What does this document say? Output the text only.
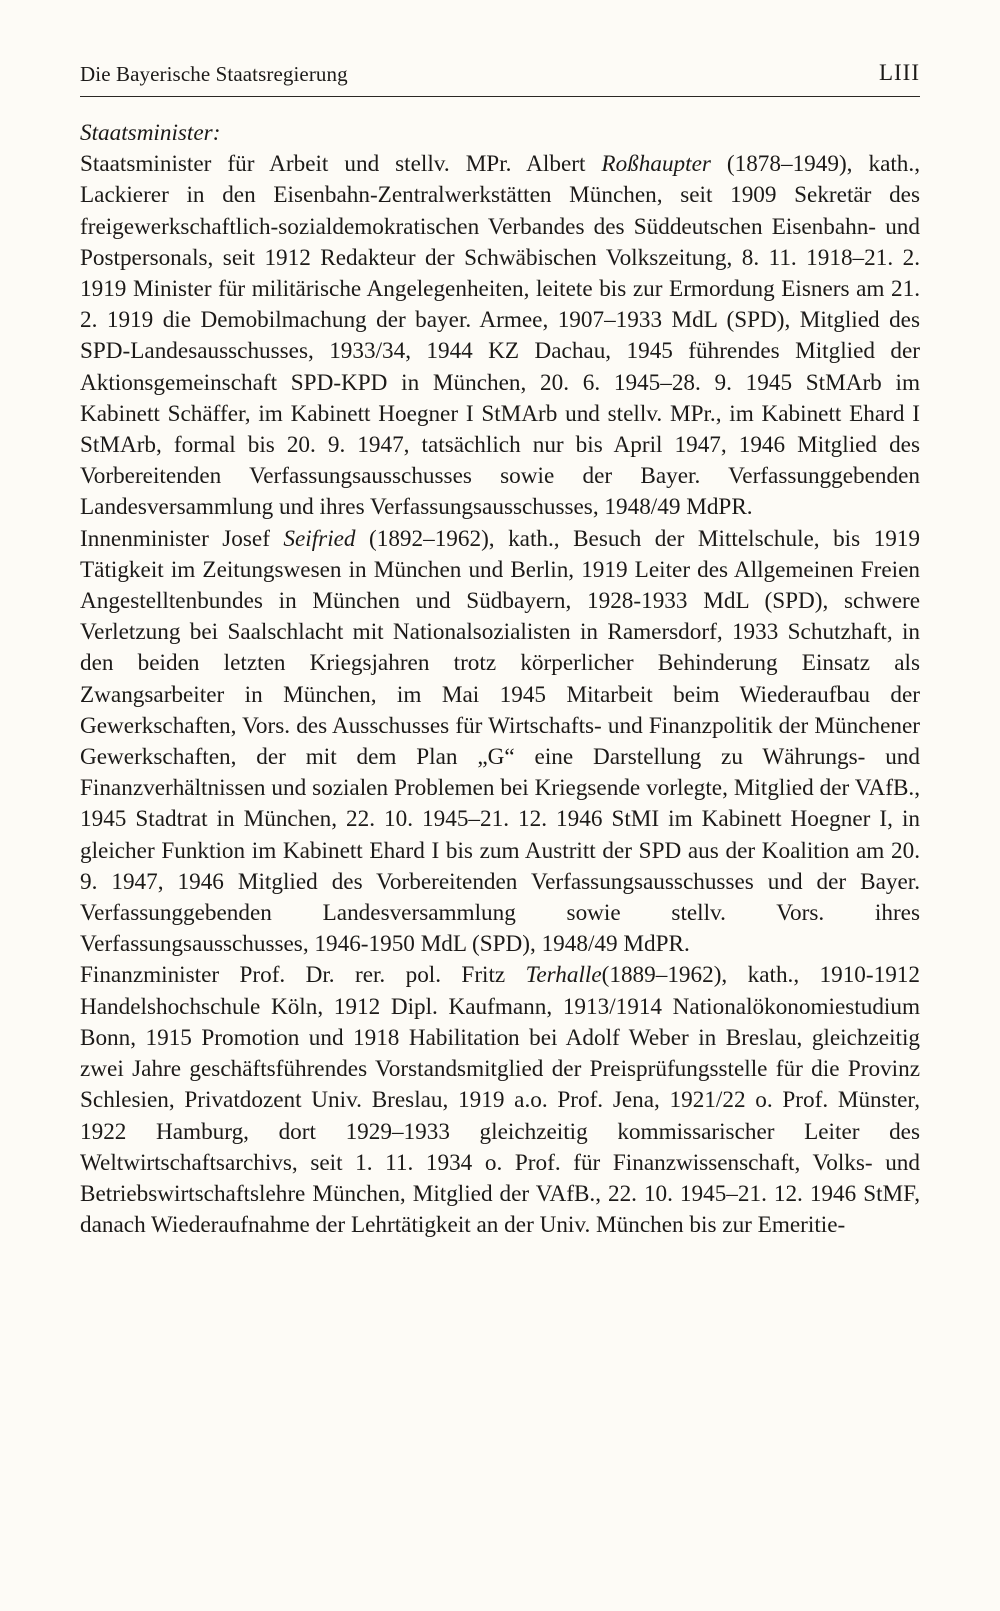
Die Bayerische Staatsregierung	LIII
Staatsminister:

Staatsminister für Arbeit und stellv. MPr. Albert Roßhaupter (1878–1949), kath., Lackierer in den Eisenbahn-Zentralwerkstätten München, seit 1909 Sekretär des freigewerkschaftlich-sozialdemokratischen Verbandes des Süddeutschen Eisenbahn- und Postpersonals, seit 1912 Redakteur der Schwäbischen Volkszeitung, 8. 11. 1918–21. 2. 1919 Minister für militärische Angelegenheiten, leitete bis zur Ermordung Eisners am 21. 2. 1919 die Demobilmachung der bayer. Armee, 1907–1933 MdL (SPD), Mitglied des SPD-Landesausschusses, 1933/34, 1944 KZ Dachau, 1945 führendes Mitglied der Aktionsgemeinschaft SPD-KPD in München, 20. 6. 1945–28. 9. 1945 StMArb im Kabinett Schäffer, im Kabinett Hoegner I StMArb und stellv. MPr., im Kabinett Ehard I StMArb, formal bis 20. 9. 1947, tatsächlich nur bis April 1947, 1946 Mitglied des Vorbereitenden Verfassungsausschusses sowie der Bayer. Verfassunggebenden Landesversammlung und ihres Verfassungsausschusses, 1948/49 MdPR.

Innenminister Josef Seifried (1892–1962), kath., Besuch der Mittelschule, bis 1919 Tätigkeit im Zeitungswesen in München und Berlin, 1919 Leiter des Allgemeinen Freien Angestelltenbundes in München und Südbayern, 1928-1933 MdL (SPD), schwere Verletzung bei Saalschlacht mit Nationalsozialisten in Ramersdorf, 1933 Schutzhaft, in den beiden letzten Kriegsjahren trotz körperlicher Behinderung Einsatz als Zwangsarbeiter in München, im Mai 1945 Mitarbeit beim Wiederaufbau der Gewerkschaften, Vors. des Ausschusses für Wirtschafts- und Finanzpolitik der Münchener Gewerkschaften, der mit dem Plan „G“ eine Darstellung zu Währungs- und Finanzverhältnissen und sozialen Problemen bei Kriegsende vorlegte, Mitglied der VAfB., 1945 Stadtrat in München, 22. 10. 1945–21. 12. 1946 StMI im Kabinett Hoegner I, in gleicher Funktion im Kabinett Ehard I bis zum Austritt der SPD aus der Koalition am 20. 9. 1947, 1946 Mitglied des Vorbereitenden Verfassungsausschusses und der Bayer. Verfassunggebenden Landesversammlung sowie stellv. Vors. ihres Verfassungsausschusses, 1946-1950 MdL (SPD), 1948/49 MdPR.

Finanzminister Prof. Dr. rer. pol. Fritz Terhalle(1889–1962), kath., 1910-1912 Handelshochschule Köln, 1912 Dipl. Kaufmann, 1913/1914 Nationalökonomiestudium Bonn, 1915 Promotion und 1918 Habilitation bei Adolf Weber in Breslau, gleichzeitig zwei Jahre geschäftsführendes Vorstandsmitglied der Preisprüfungsstelle für die Provinz Schlesien, Privatdozent Univ. Breslau, 1919 a.o. Prof. Jena, 1921/22 o. Prof. Münster, 1922 Hamburg, dort 1929–1933 gleichzeitig kommissarischer Leiter des Weltwirtschaftsarchivs, seit 1. 11. 1934 o. Prof. für Finanzwissenschaft, Volks- und Betriebswirtschaftslehre München, Mitglied der VAfB., 22. 10. 1945–21. 12. 1946 StMF, danach Wiederaufnahme der Lehrtätigkeit an der Univ. München bis zur Emeritie-
